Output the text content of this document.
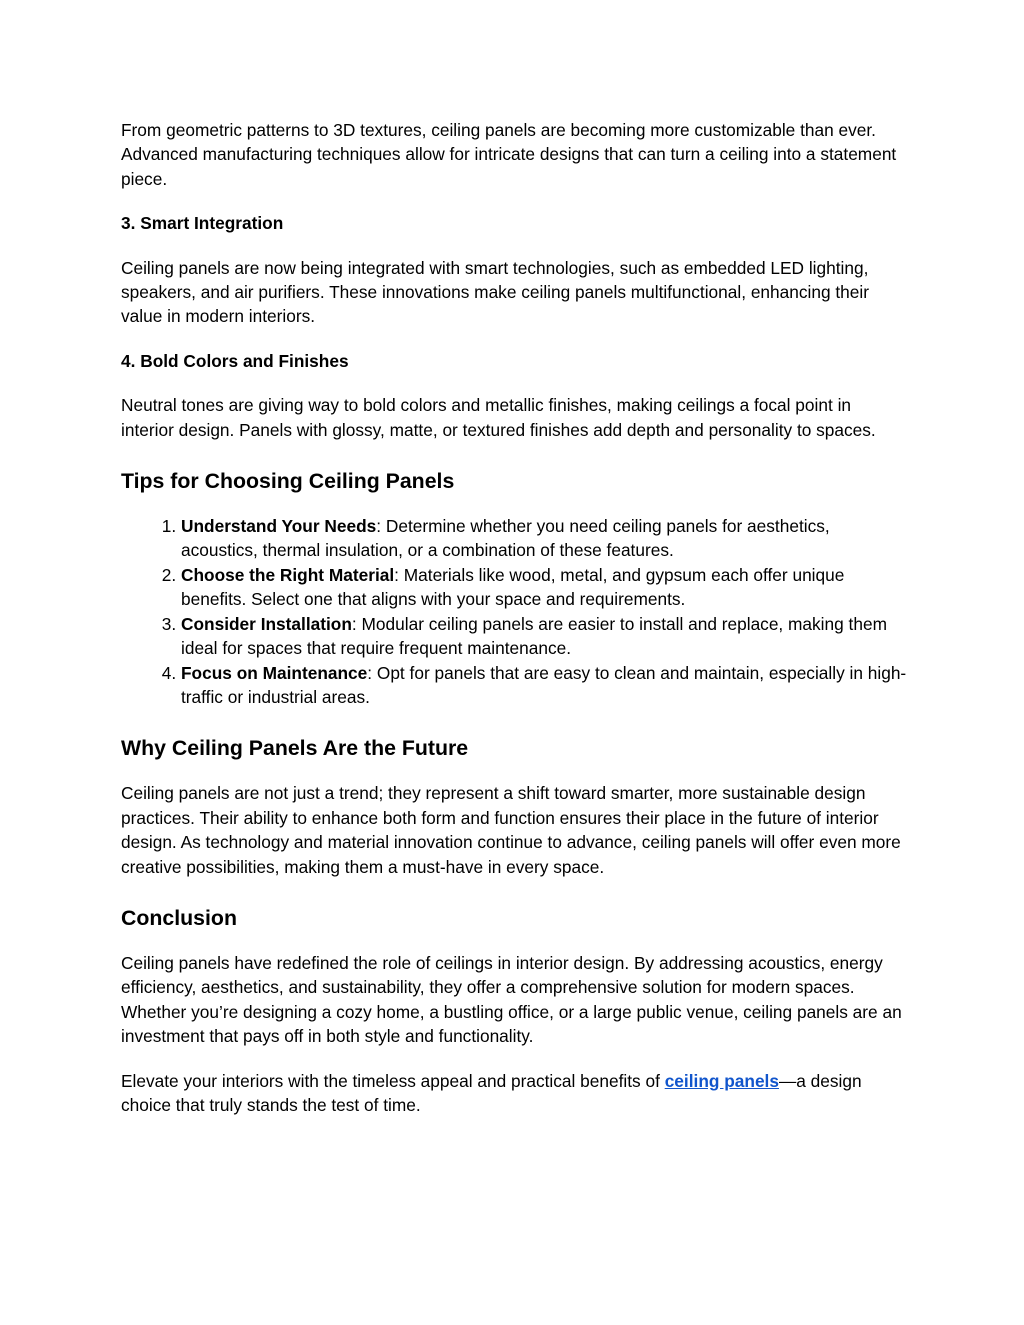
From geometric patterns to 3D textures, ceiling panels are becoming more customizable than ever. Advanced manufacturing techniques allow for intricate designs that can turn a ceiling into a statement piece.

3. Smart Integration

Ceiling panels are now being integrated with smart technologies, such as embedded LED lighting, speakers, and air purifiers. These innovations make ceiling panels multifunctional, enhancing their value in modern interiors.

4. Bold Colors and Finishes

Neutral tones are giving way to bold colors and metallic finishes, making ceilings a focal point in interior design. Panels with glossy, matte, or textured finishes add depth and personality to spaces.

Tips for Choosing Ceiling Panels
1. Understand Your Needs: Determine whether you need ceiling panels for aesthetics, acoustics, thermal insulation, or a combination of these features.
2. Choose the Right Material: Materials like wood, metal, and gypsum each offer unique benefits. Select one that aligns with your space and requirements.
3. Consider Installation: Modular ceiling panels are easier to install and replace, making them ideal for spaces that require frequent maintenance.
4. Focus on Maintenance: Opt for panels that are easy to clean and maintain, especially in high-traffic or industrial areas.
Why Ceiling Panels Are the Future

Ceiling panels are not just a trend; they represent a shift toward smarter, more sustainable design practices. Their ability to enhance both form and function ensures their place in the future of interior design. As technology and material innovation continue to advance, ceiling panels will offer even more creative possibilities, making them a must-have in every space.

Conclusion

Ceiling panels have redefined the role of ceilings in interior design. By addressing acoustics, energy efficiency, aesthetics, and sustainability, they offer a comprehensive solution for modern spaces. Whether you’re designing a cozy home, a bustling office, or a large public venue, ceiling panels are an investment that pays off in both style and functionality.

Elevate your interiors with the timeless appeal and practical benefits of ceiling panels—a design choice that truly stands the test of time.
